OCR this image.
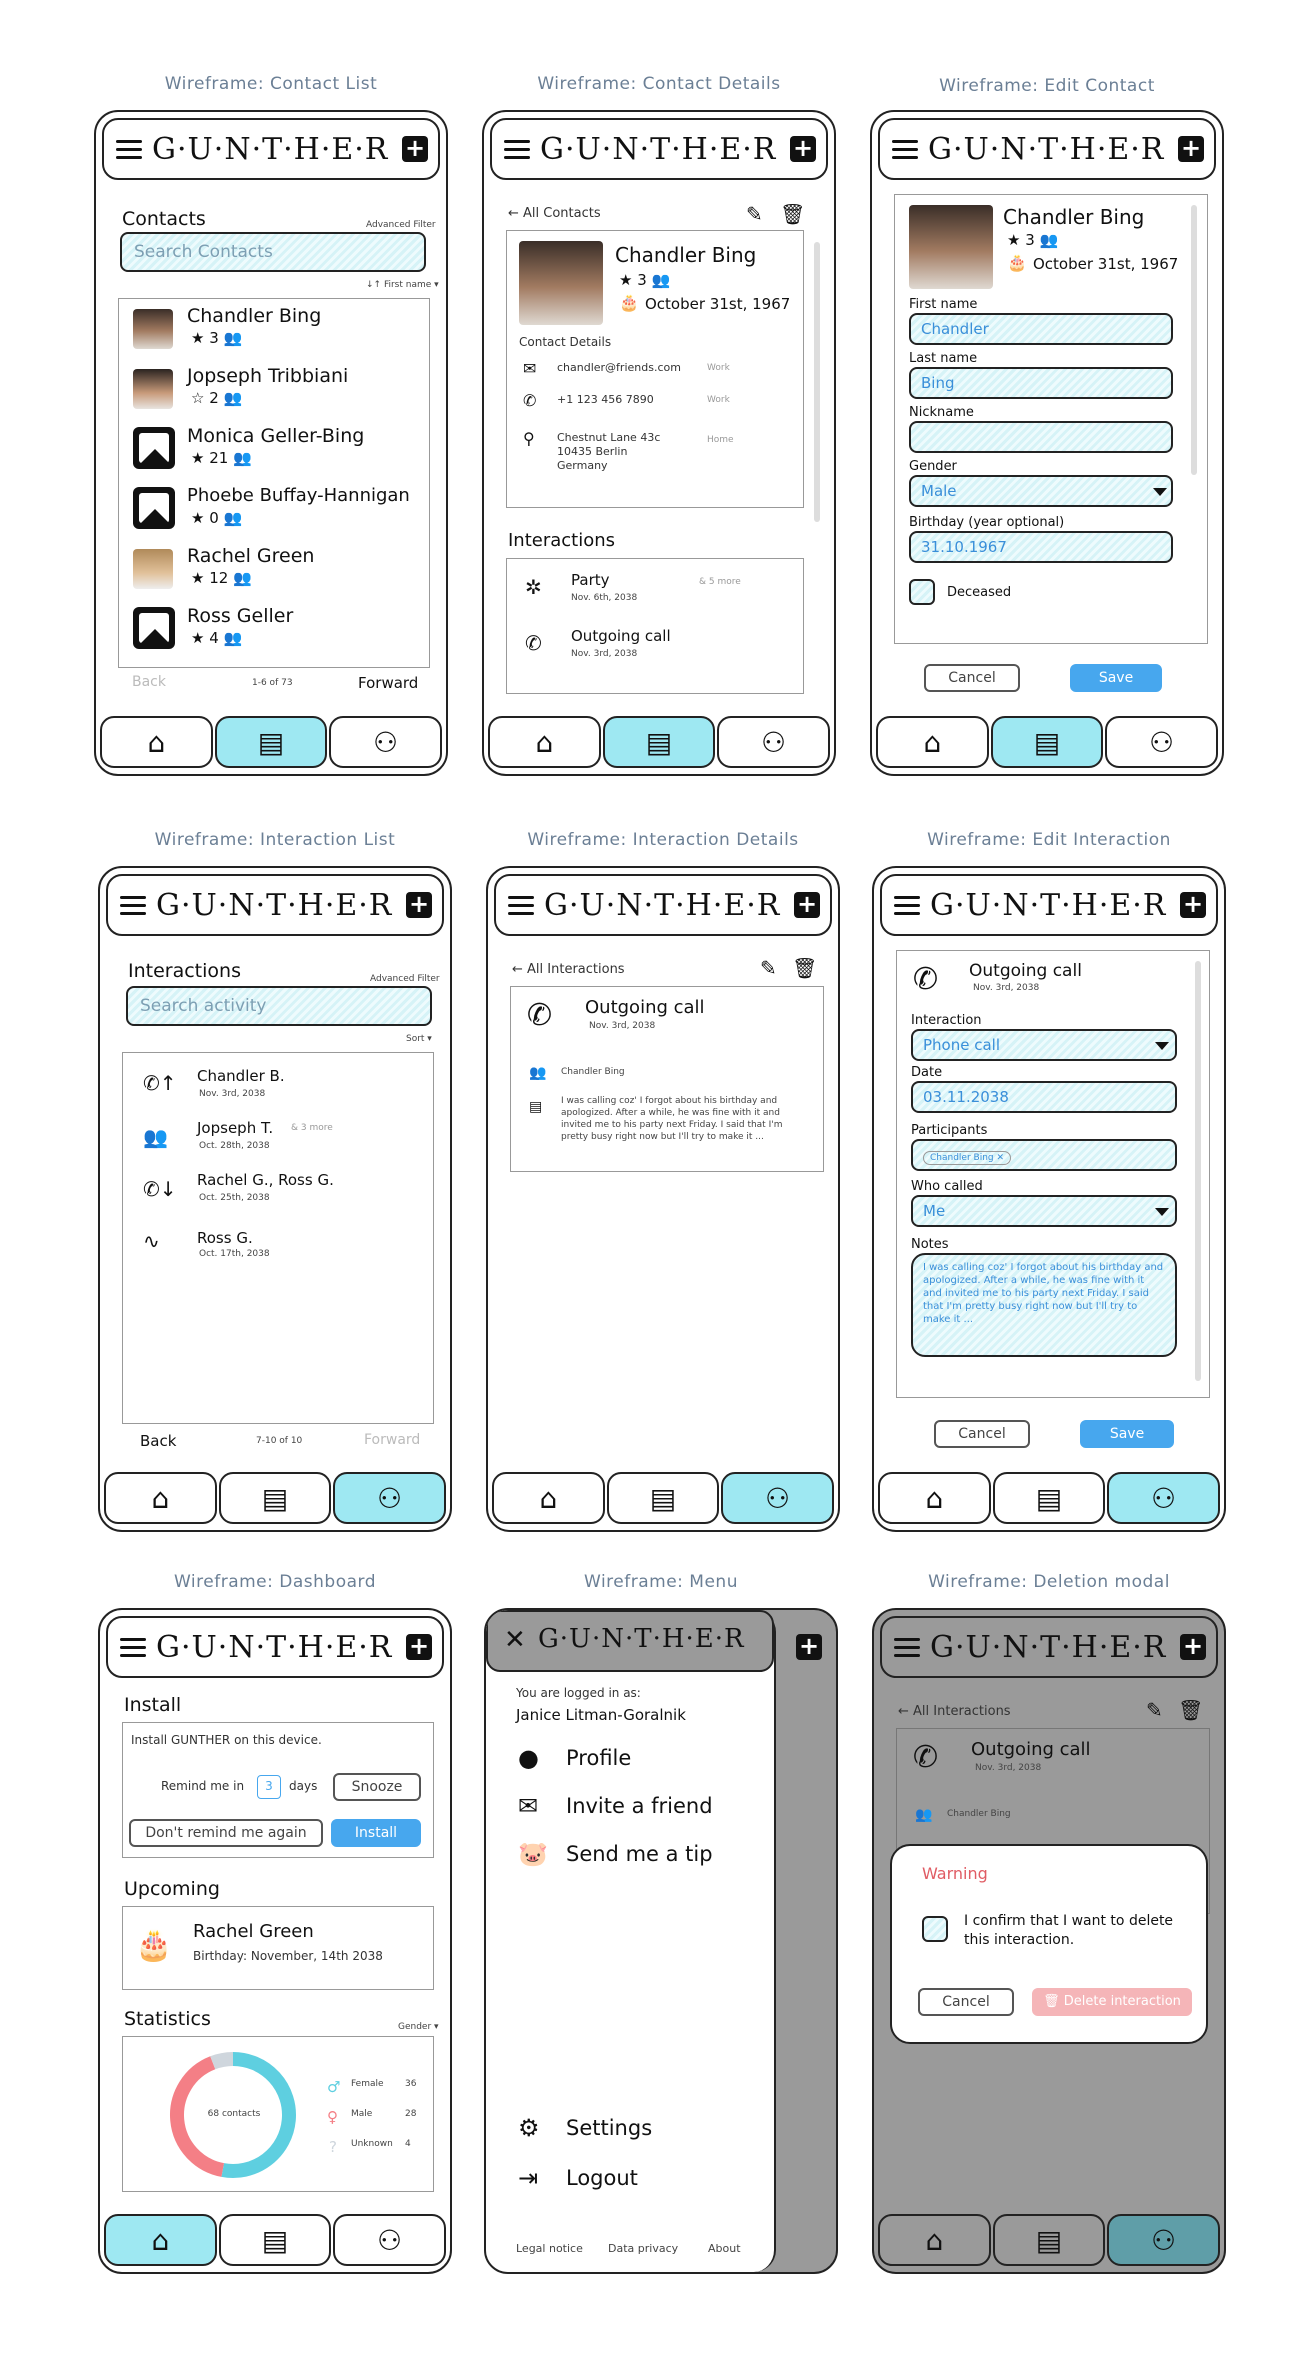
Wireframe: Contact List
G·U·N·T·H·E·R +
Contacts	Advanced Filter
Search Contacts
↓↑ First name ▾
Chandler Bing
★ 3 👥
Jopseph Tribbiani
☆ 2 👥
Monica Geller-Bing
★ 21 👥
Phoebe Buffay-Hannigan
★ 0 👥
Rachel Green
★ 12 👥
Ross Geller
★ 4 👥
Back	1-6 of 73	Forward
⌂	▤	⚇
Wireframe: Contact Details
G·U·N·T·H·E·R +
← All Contacts	✎ 🗑
Chandler Bing
★ 3 👥
🎂 October 31st, 1967
Contact Details
✉ chandler@friends.com	Work
✆ +1 123 456 7890	Work
⚲ Chestnut Lane 43c
10435 Berlin
Germany
Home
Interactions
✲ Party
Nov. 6th, 2038
& 5 more
✆ Outgoing call
Nov. 3rd, 2038
⌂	▤	⚇
Wireframe: Edit Contact
G·U·N·T·H·E·R +
Chandler Bing
★ 3 👥
🎂 October 31st, 1967
First name
Chandler
Last name
Bing
Nickname
Gender
Male
Birthday (year optional)
31.10.1967
Deceased
Cancel	Save
⌂	▤	⚇
Wireframe: Interaction List
G·U·N·T·H·E·R +
Interactions	Advanced Filter
Search activity
Sort ▾
✆↑ Chandler B.
Nov. 3rd, 2038
👥 Jopseph T. & 3 more
Oct. 28th, 2038
✆↓ Rachel G., Ross G.
Oct. 25th, 2038
∿ Ross G.
Oct. 17th, 2038
Back	7-10 of 10	Forward
⌂	▤	⚇
Wireframe: Interaction Details
G·U·N·T·H·E·R +
← All Interactions	✎ 🗑
✆ Outgoing call
Nov. 3rd, 2038
👥 Chandler Bing
▤ I was calling coz' I forgot about his birthday and apologized. After a while, he was fine with it and invited me to his party next Friday. I said that I'm pretty busy right now but I'll try to make it ...
⌂	▤	⚇
Wireframe: Edit Interaction
G·U·N·T·H·E·R +
✆ Outgoing call
Nov. 3rd, 2038
Interaction
Phone call
Date
03.11.2038
Participants
Chandler Bing ✕
Who called
Me
Notes
I was calling coz' I forgot about his birthday and apologized. After a while, he was fine with it and invited me to his party next Friday. I said that I'm pretty busy right now but I'll try to make it ...
Cancel	Save
⌂	▤	⚇
Wireframe: Dashboard
G·U·N·T·H·E·R +
Install
Install GUNTHER on this device.
Remind me in	3	days	Snooze
Don't remind me again	Install
Upcoming
🎂 Rachel Green
Birthday: November, 14th 2038
Statistics	Gender ▾
68 contacts
♂ Female 36
♀ Male	28
? Unknown 4
⌂	▤	⚇
Wireframe: Menu
+
✕ G·U·N·T·H·E·R
You are logged in as:
Janice Litman-Goralnik
● Profile
✉ Invite a friend
🐷 Send me a tip
⚙ Settings
⇥ Logout
Legal notice Data privacy	About
Wireframe: Deletion modal
G·U·N·T·H·E·R +
← All Interactions	✎ 🗑
✆ Outgoing call
Nov. 3rd, 2038
👥 Chandler Bing
Warning
I confirm that I want to delete this interaction.
Cancel	🗑 Delete interaction
⌂	▤	⚇
